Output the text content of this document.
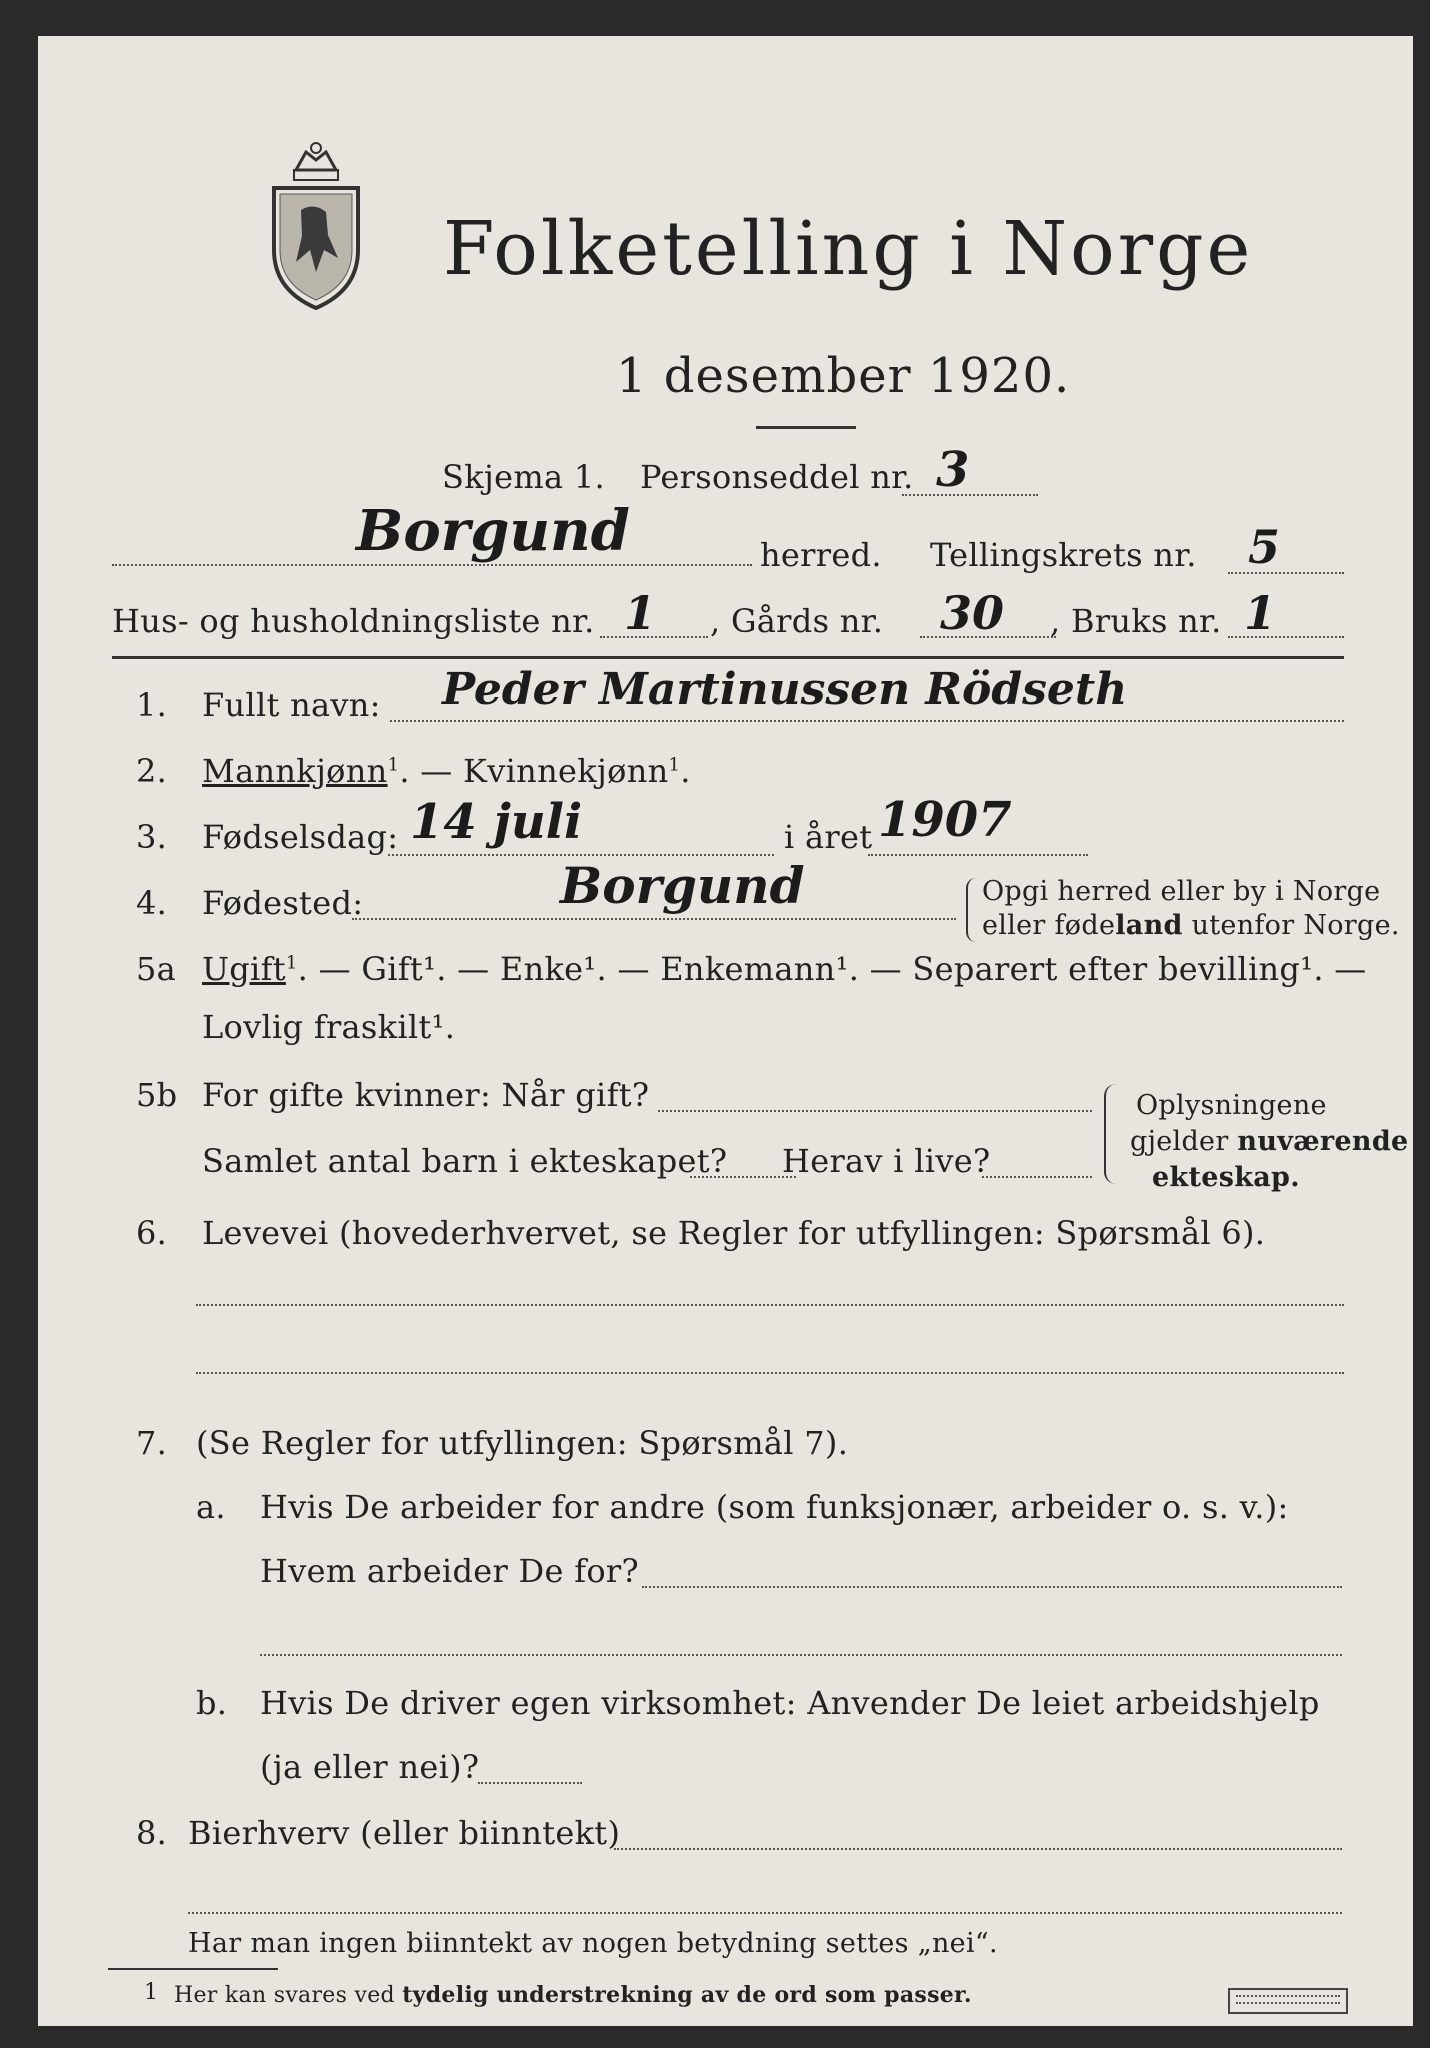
Folketelling i Norge
1 desember 1920.
Skjema 1. Personseddel nr. 3
Borgund	herred. Tellingskrets nr. 5
Hus- og husholdningsliste nr. 1 , Gårds nr. 30 , Bruks nr. 1
1. Fullt navn: Peder Martinussen Rödseth
2. Mannkjønn$^1$. — Kvinnekjønn$^1$.
3. Fødselsdag: 14 juli	i året 1907
4. Fødested:	Borgund	Opgi herred eller by i Norge
eller fødeland utenfor Norge.
5a Ugift$^1$. — Gift¹. — Enke¹. — Enkemann¹. — Separert efter bevilling¹. —
Lovlig fraskilt¹.
5b For gifte kvinner: Når gift?
Samlet antal barn i ekteskapet? Herav i live?
Oplysningene
gjelder nuværende
ekteskap.
6. Levevei (hovederhvervet, se Regler for utfyllingen: Spørsmål 6).
7. (Se Regler for utfyllingen: Spørsmål 7).
a. Hvis De arbeider for andre (som funksjonær, arbeider o. s. v.):
Hvem arbeider De for?
b. Hvis De driver egen virksomhet: Anvender De leiet arbeidshjelp
(ja eller nei)?
8. Bierhverv (eller biinntekt)
Har man ingen biinntekt av nogen betydning settes „nei“.
1 Her kan svares ved tydelig understrekning av de ord som passer.
